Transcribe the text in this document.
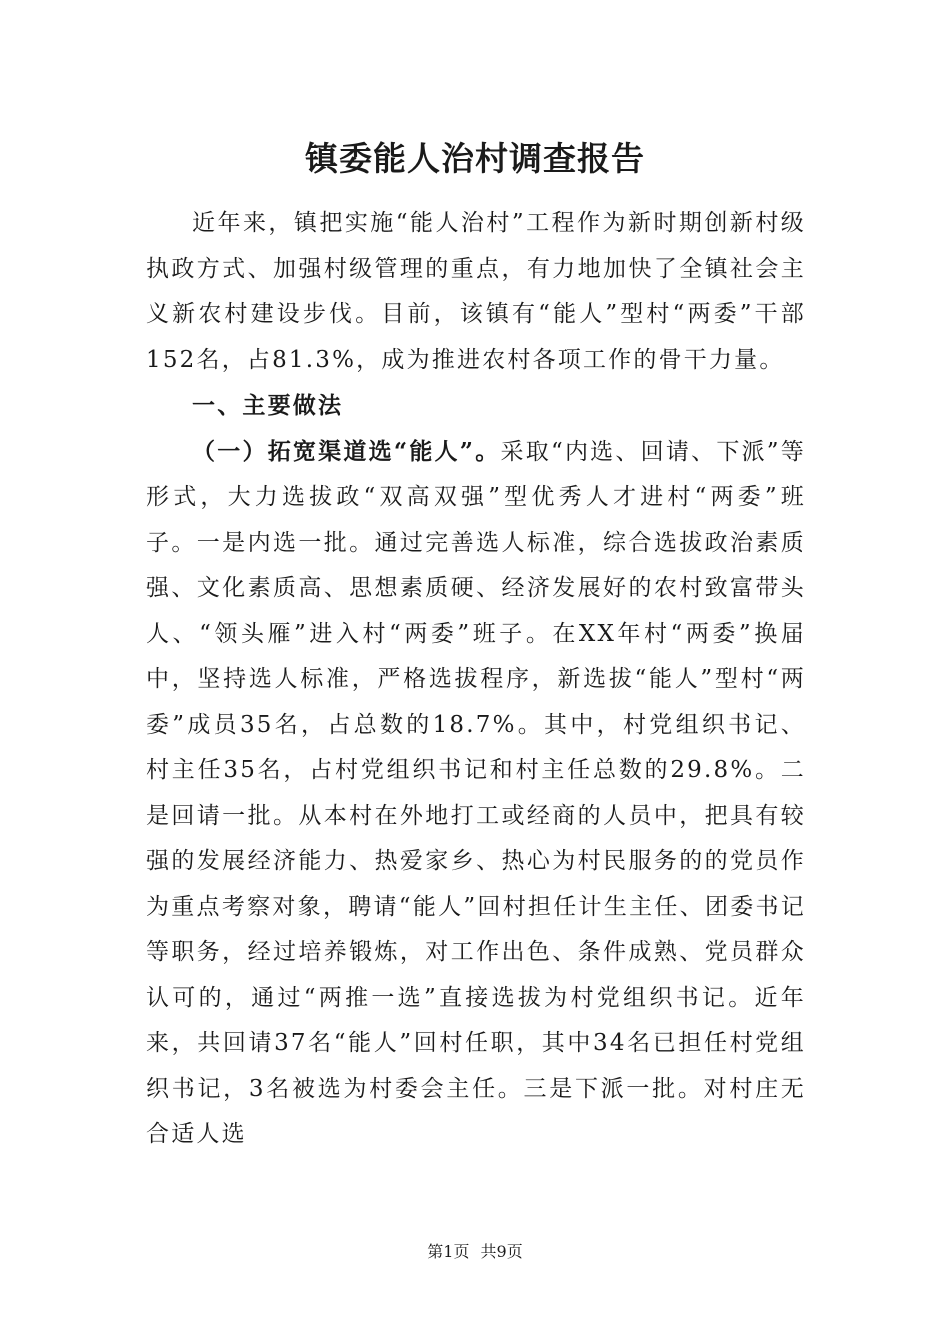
镇委能人治村调查报告

近年来，镇把实施“能人治村”工程作为新时期创新村级执政方式、加强村级管理的重点，有力地加快了全镇社会主义新农村建设步伐。目前，该镇有“能人”型村“两委”干部152名，占81.3%，成为推进农村各项工作的骨干力量。

一、主要做法

（一）拓宽渠道选“能人”。采取“内选、回请、下派”等形式，大力选拔政“双高双强”型优秀人才进村“两委”班子。一是内选一批。通过完善选人标准，综合选拔政治素质强、文化素质高、思想素质硬、经济发展好的农村致富带头人、“领头雁”进入村“两委”班子。在XX年村“两委”换届中，坚持选人标准，严格选拔程序，新选拔“能人”型村“两委”成员35名，占总数的18.7%。其中，村党组织书记、村主任35名，占村党组织书记和村主任总数的29.8%。二是回请一批。从本村在外地打工或经商的人员中，把具有较强的发展经济能力、热爱家乡、热心为村民服务的的党员作为重点考察对象，聘请“能人”回村担任计生主任、团委书记等职务，经过培养锻炼，对工作出色、条件成熟、党员群众认可的，通过“两推一选”直接选拔为村党组织书记。近年来，共回请37名“能人”回村任职，其中34名已担任村党组织书记，3名被选为村委会主任。三是下派一批。对村庄无合适人选

第1页 共9页
